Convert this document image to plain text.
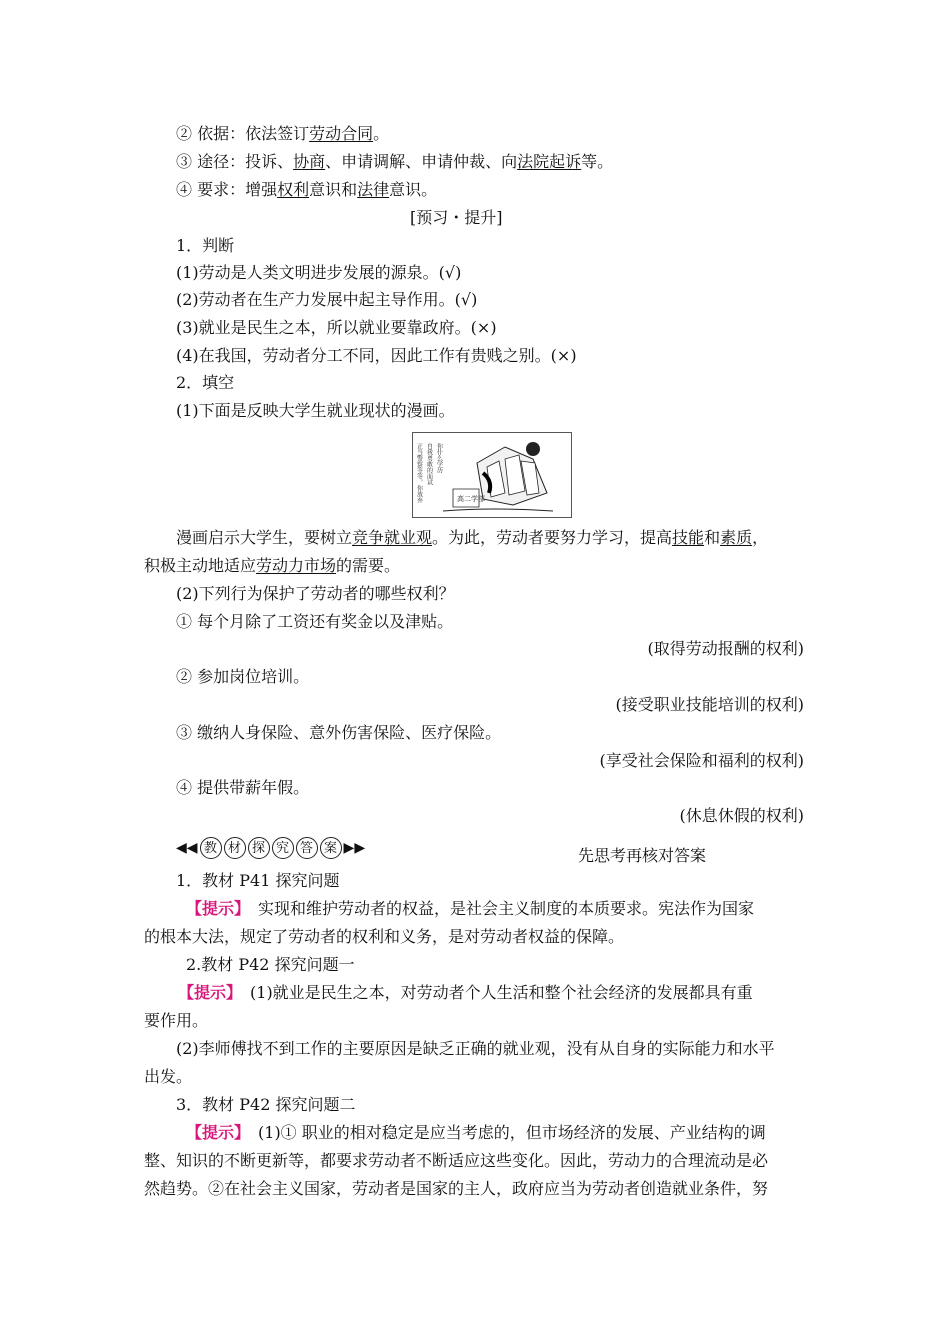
② 依据：依法签订劳动合同。
③ 途径：投诉、协商、申请调解、申请仲裁、向法院起诉等。
④ 要求：增强权利意识和法律意识。
[预习・提升]
1．判断
(1)劳动是人类文明进步发展的源泉。(√)
(2)劳动者在生产力发展中起主导作用。(√)
(3)就业是民生之本，所以就业要靠政府。(×)
(4)在我国，劳动者分工不同，因此工作有贵贱之别。(×)
2．填空
(1)下面是反映大学生就业现状的漫画。
正当警察等等，你放弃 自我勇敢的面试 你什么学历
高二学部
漫画启示大学生，要树立竞争就业观。为此，劳动者要努力学习，提高技能和素质，
积极主动地适应劳动力市场的需要。
(2)下列行为保护了劳动者的哪些权利？
① 每个月除了工资还有奖金以及津贴。
(取得劳动报酬的权利)
② 参加岗位培训。
(接受职业技能培训的权利)
③ 缴纳人身保险、意外伤害保险、医疗保险。
(享受社会保险和福利的权利)
④ 提供带薪年假。
(休息休假的权利)
◀◀ 教 材 探 究 答 案 ▶▶	先思考再核对答案
1．教材 P41 探究问题
【提示】　实现和维护劳动者的权益，是社会主义制度的本质要求。宪法作为国家
的根本大法，规定了劳动者的权利和义务，是对劳动者权益的保障。
2.教材 P42 探究问题一
【提示】　(1)就业是民生之本，对劳动者个人生活和整个社会经济的发展都具有重
要作用。
(2)李师傅找不到工作的主要原因是缺乏正确的就业观，没有从自身的实际能力和水平
出发。
3．教材 P42 探究问题二
【提示】　(1)① 职业的相对稳定是应当考虑的，但市场经济的发展、产业结构的调
整、知识的不断更新等，都要求劳动者不断适应这些变化。因此，劳动力的合理流动是必
然趋势。②在社会主义国家，劳动者是国家的主人，政府应当为劳动者创造就业条件，努
